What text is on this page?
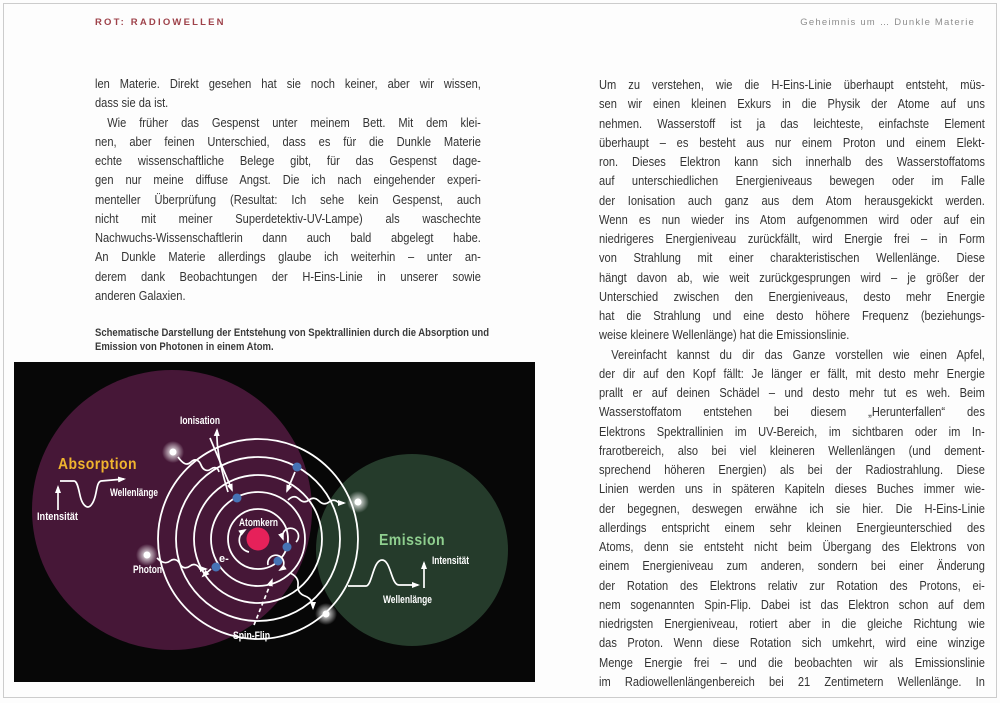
ROT: RADIOWELLEN	Geheimnis um … Dunkle Materie
len Materie. Direkt gesehen hat sie noch keiner, aber wir wissen,
dass sie da ist.
Wie früher das Gespenst unter meinem Bett. Mit dem klei-
nen, aber feinen Unterschied, dass es für die Dunkle Materie
echte wissenschaftliche Belege gibt, für das Gespenst dage-
gen nur meine diffuse Angst. Die ich nach eingehender experi-
menteller Überprüfung (Resultat: Ich sehe kein Gespenst, auch
nicht mit meiner Superdetektiv-UV-Lampe) als waschechte
Nachwuchs-Wissenschaftlerin dann auch bald abgelegt habe.
An Dunkle Materie allerdings glaube ich weiterhin – unter an-
derem dank Beobachtungen der H-Eins-Linie in unserer sowie
anderen Galaxien.
Schematische Darstellung der Entstehung von Spektrallinien durch die Absorption und
Emission von Photonen in einem Atom.
Um zu verstehen, wie die H-Eins-Linie überhaupt entsteht, müs-
sen wir einen kleinen Exkurs in die Physik der Atome auf uns
nehmen. Wasserstoff ist ja das leichteste, einfachste Element
überhaupt – es besteht aus nur einem Proton und einem Elekt-
ron. Dieses Elektron kann sich innerhalb des Wasserstoffatoms
auf unterschiedlichen Energieniveaus bewegen oder im Falle
der Ionisation auch ganz aus dem Atom herausgekickt werden.
Wenn es nun wieder ins Atom aufgenommen wird oder auf ein
niedrigeres Energieniveau zurückfällt, wird Energie frei – in Form
von Strahlung mit einer charakteristischen Wellenlänge. Diese
hängt davon ab, wie weit zurückgesprungen wird – je größer der
Unterschied zwischen den Energieniveaus, desto mehr Energie
hat die Strahlung und eine desto höhere Frequenz (beziehungs-
weise kleinere Wellenlänge) hat die Emissionslinie.
Vereinfacht kannst du dir das Ganze vorstellen wie einen Apfel,
der dir auf den Kopf fällt: Je länger er fällt, mit desto mehr Energie
prallt er auf deinen Schädel – und desto mehr tut es weh. Beim
Wasserstoffatom entstehen bei diesem „Herunterfallen“ des
Elektrons Spektrallinien im UV-Bereich, im sichtbaren oder im In-
frarotbereich, also bei viel kleineren Wellenlängen (und dement-
sprechend höheren Energien) als bei der Radiostrahlung. Diese
Linien werden uns in späteren Kapiteln dieses Buches immer wie-
der begegnen, deswegen erwähne ich sie hier. Die H-Eins-Linie
allerdings entspricht einem sehr kleinen Energieunterschied des
Atoms, denn sie entsteht nicht beim Übergang des Elektrons von
einem Energieniveau zum anderen, sondern bei einer Änderung
der Rotation des Elektrons relativ zur Rotation des Protons, ei-
nem sogenannten Spin-Flip. Dabei ist das Elektron schon auf dem
niedrigsten Energieniveau, rotiert aber in die gleiche Richtung wie
das Proton. Wenn diese Rotation sich umkehrt, wird eine winzige
Menge Energie frei – und die beobachten wir als Emissionslinie
im Radiowellenlängenbereich bei 21 Zentimetern Wellenlänge. In
Absorption
Intensität
Wellenlänge
Ionisation
Photon
e-
Atomkern
Spin-Flip
Emission
Intensität
Wellenlänge
